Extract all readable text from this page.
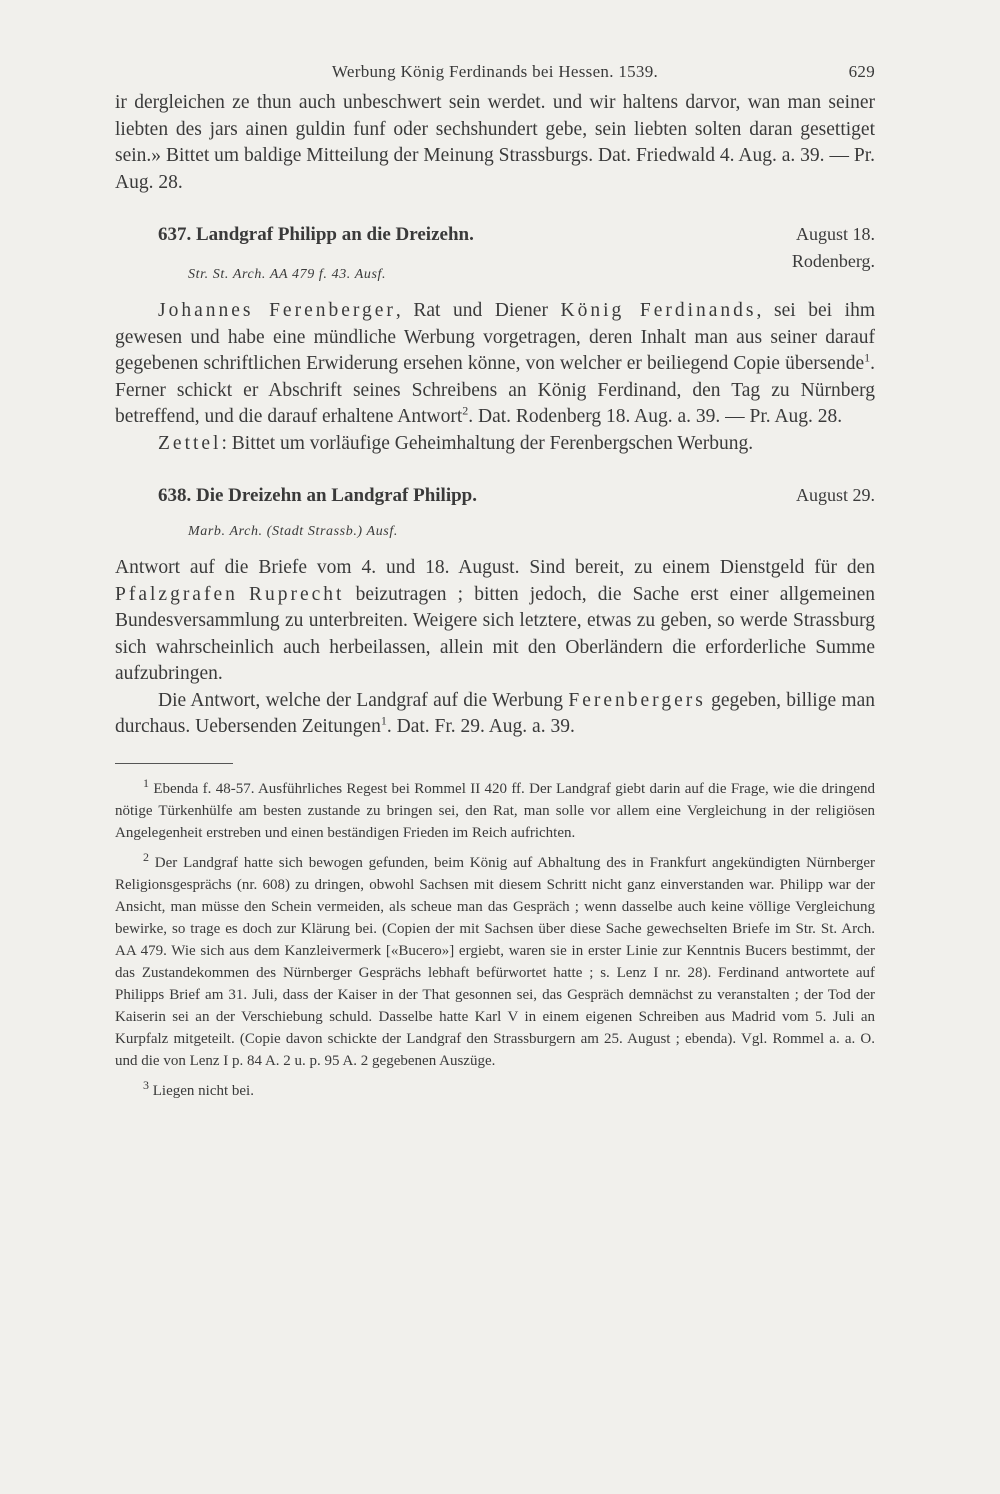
Werbung König Ferdinands bei Hessen. 1539.	629

ir dergleichen ze thun auch unbeschwert sein werdet. und wir haltens darvor, wan man seiner liebten des jars ainen guldin funf oder sechshundert gebe, sein liebten solten daran gesettiget sein.» Bittet um baldige Mitteilung der Meinung Strassburgs. Dat. Friedwald 4. Aug. a. 39. — Pr. Aug. 28.

637. Landgraf Philipp an die Dreizehn.	August 18.
Rodenberg.
Str. St. Arch. AA 479 f. 43. Ausf.

Johannes Ferenberger, Rat und Diener König Ferdinands, sei bei ihm gewesen und habe eine mündliche Werbung vorgetragen, deren Inhalt man aus seiner darauf gegebenen schriftlichen Erwiderung ersehen könne, von welcher er beiliegend Copie übersende$^1$. Ferner schickt er Abschrift seines Schreibens an König Ferdinand, den Tag zu Nürnberg betreffend, und die darauf erhaltene Antwort$^2$. Dat. Rodenberg 18. Aug. a. 39. — Pr. Aug. 28.

Zettel: Bittet um vorläufige Geheimhaltung der Ferenbergschen Werbung.

638. Die Dreizehn an Landgraf Philipp.	August 29.
Marb. Arch. (Stadt Strassb.) Ausf.

Antwort auf die Briefe vom 4. und 18. August. Sind bereit, zu einem Dienstgeld für den Pfalzgrafen Ruprecht beizutragen ; bitten jedoch, die Sache erst einer allgemeinen Bundesversammlung zu unterbreiten. Weigere sich letztere, etwas zu geben, so werde Strassburg sich wahrscheinlich auch herbeilassen, allein mit den Oberländern die erforderliche Summe aufzubringen.

Die Antwort, welche der Landgraf auf die Werbung Ferenbergers gegeben, billige man durchaus. Uebersenden Zeitungen$^1$. Dat. Fr. 29. Aug. a. 39.

$^1$ Ebenda f. 48-57. Ausführliches Regest bei Rommel II 420 ff. Der Landgraf giebt darin auf die Frage, wie die dringend nötige Türkenhülfe am besten zustande zu bringen sei, den Rat, man solle vor allem eine Vergleichung in der religiösen Angelegenheit erstreben und einen beständigen Frieden im Reich aufrichten.

$^2$ Der Landgraf hatte sich bewogen gefunden, beim König auf Abhaltung des in Frankfurt angekündigten Nürnberger Religionsgesprächs (nr. 608) zu dringen, obwohl Sachsen mit diesem Schritt nicht ganz einverstanden war. Philipp war der Ansicht, man müsse den Schein vermeiden, als scheue man das Gespräch ; wenn dasselbe auch keine völlige Vergleichung bewirke, so trage es doch zur Klärung bei. (Copien der mit Sachsen über diese Sache gewechselten Briefe im Str. St. Arch. AA 479. Wie sich aus dem Kanzleivermerk [«Bucero»] ergiebt, waren sie in erster Linie zur Kenntnis Bucers bestimmt, der das Zustandekommen des Nürnberger Gesprächs lebhaft befürwortet hatte ; s. Lenz I nr. 28). Ferdinand antwortete auf Philipps Brief am 31. Juli, dass der Kaiser in der That gesonnen sei, das Gespräch demnächst zu veranstalten ; der Tod der Kaiserin sei an der Verschiebung schuld. Dasselbe hatte Karl V in einem eigenen Schreiben aus Madrid vom 5. Juli an Kurpfalz mitgeteilt. (Copie davon schickte der Landgraf den Strassburgern am 25. August ; ebenda). Vgl. Rommel a. a. O. und die von Lenz I p. 84 A. 2 u. p. 95 A. 2 gegebenen Auszüge.

$^3$ Liegen nicht bei.
